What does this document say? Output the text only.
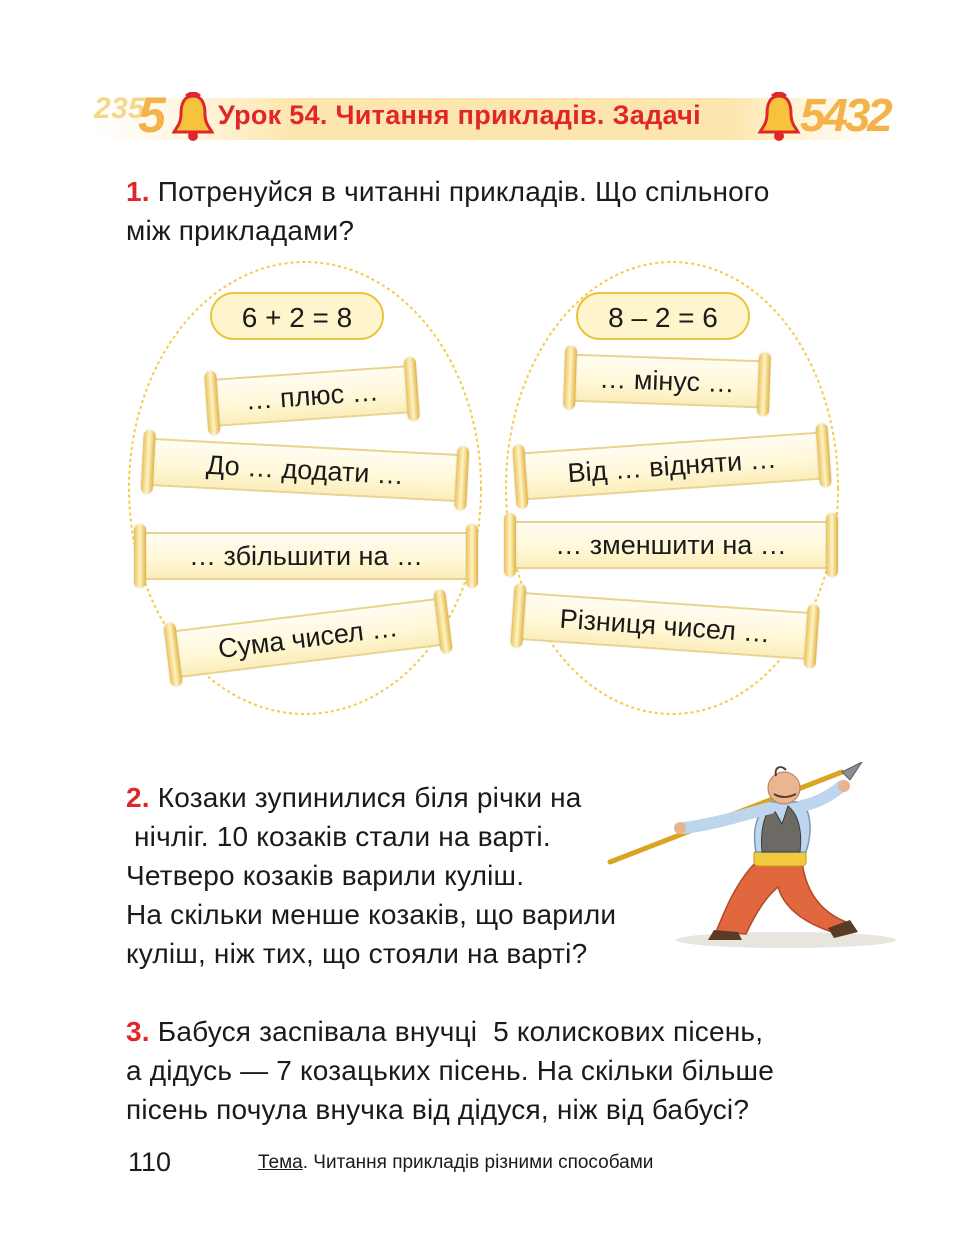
2 3 5
5 Урок 54. Читання прикладів. Задачі 5 4 3 2
1. Потренуйся в читанні прикладів. Що спільного
між прикладами?
6 + 2 = 8	8 – 2 = 6
… плюс …
До … додати …
… збільшити на …
Сума чисел …
… мінус …
Від … відняти …
… зменшити на …
Різниця чисел …
2. Козаки зупинилися біля річки на
нічліг. 10 козаків стали на варті.
Четверо козаків варили куліш.
На скільки менше козаків, що варили
куліш, ніж тих, що стояли на варті?
3. Бабуся заспівала внучці  5 колискових пісень,
а дідусь — 7 козацьких пісень. На скільки більше
пісень почула внучка від дідуся, ніж від бабусі?
110	Тема. Читання прикладів різними способами
